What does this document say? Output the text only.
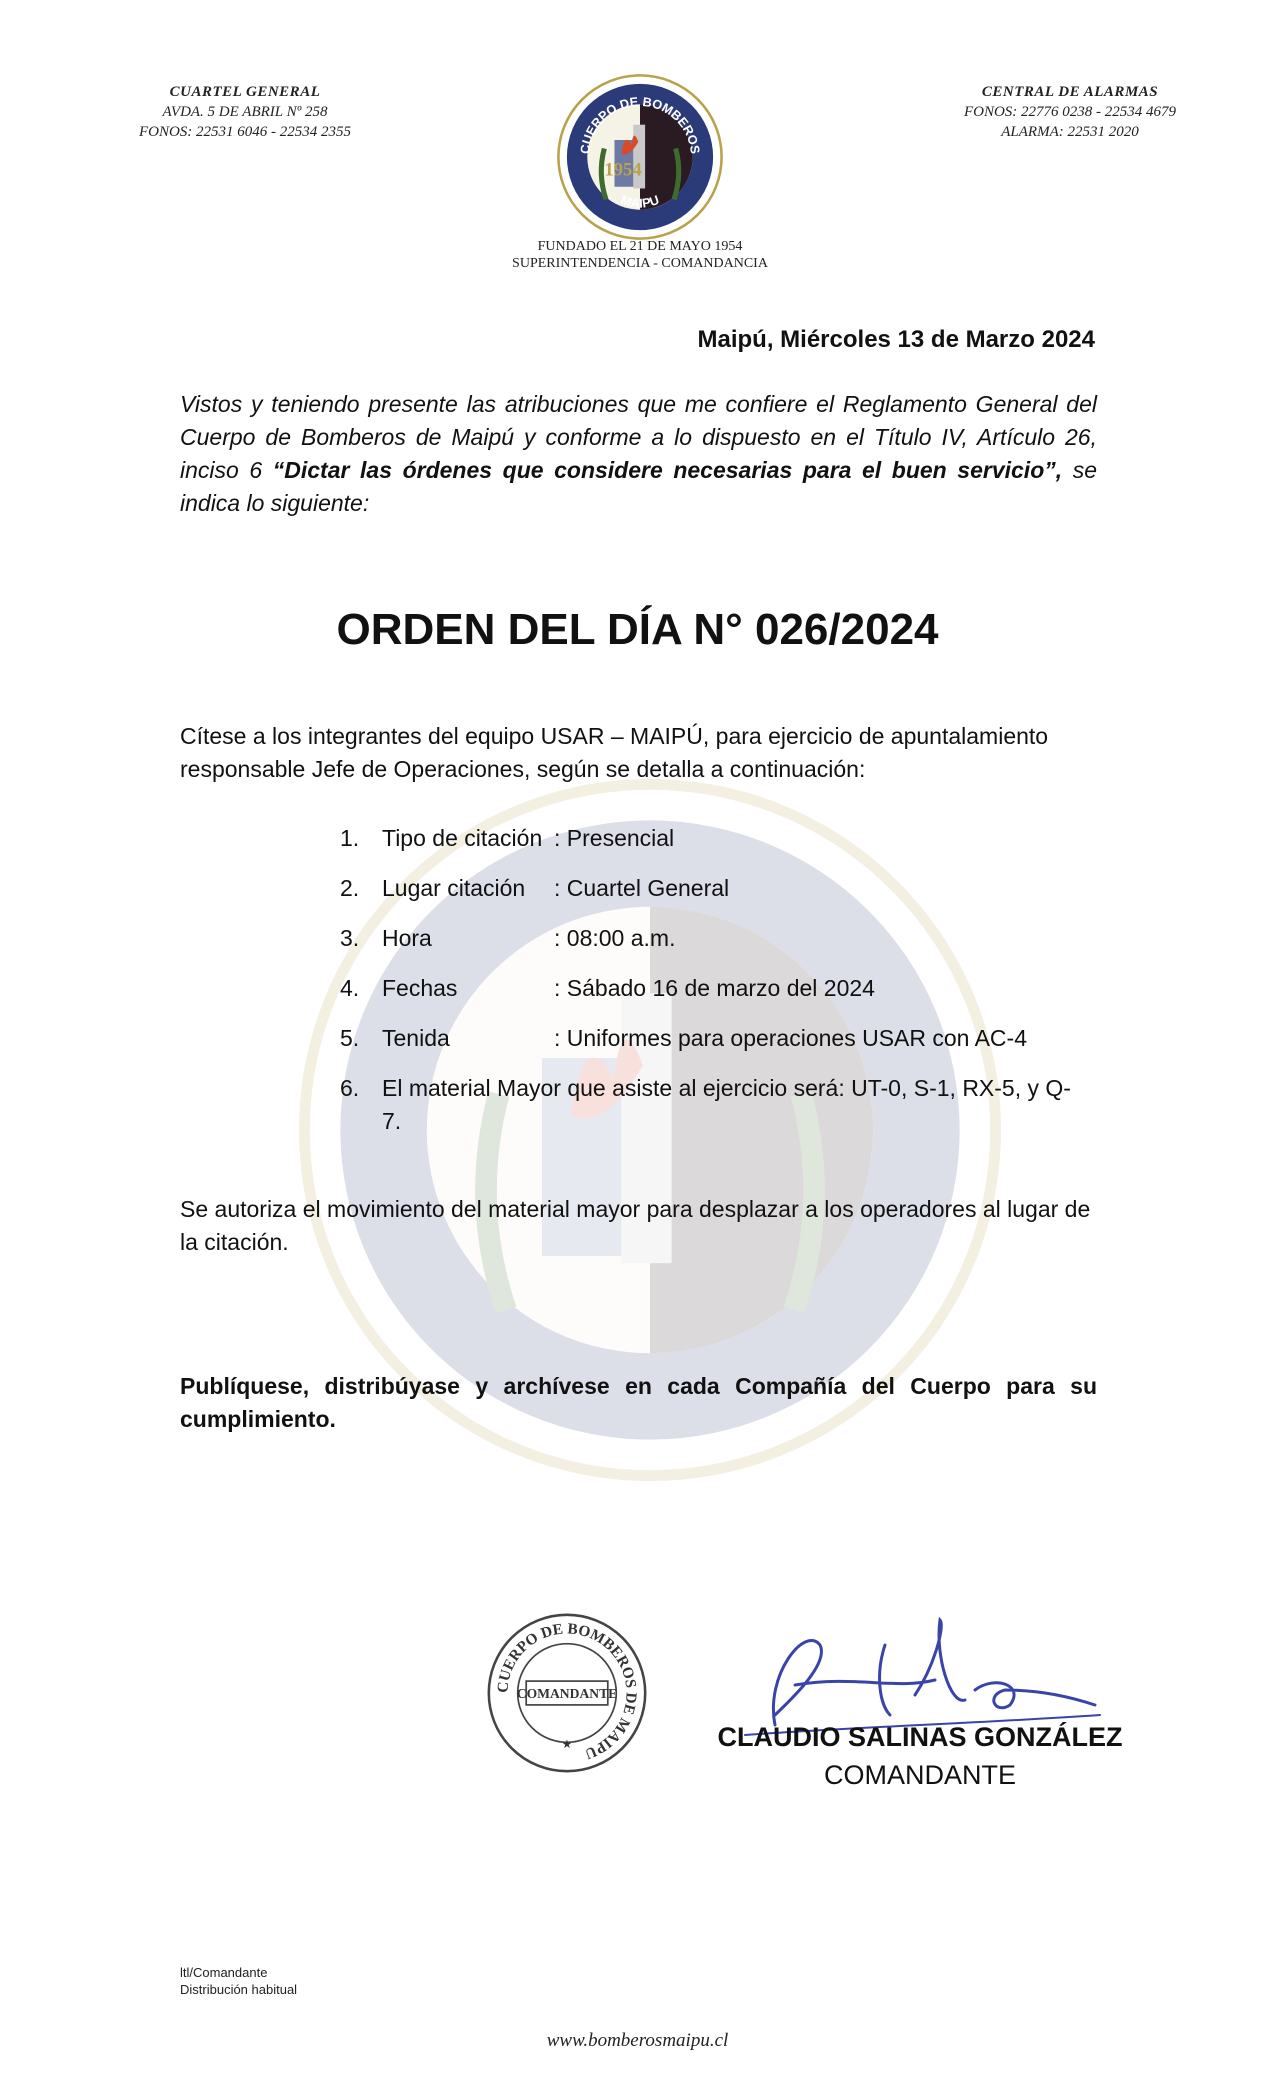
CUARTEL GENERAL
AVDA. 5 DE ABRIL Nº 258
FONOS: 22531 6046 - 22534 2355
CUERPO DE BOMBEROS
MAIPU
1954
CENTRAL DE ALARMAS
FONOS: 22776 0238 - 22534 4679
ALARMA: 22531 2020
FUNDADO EL 21 DE MAYO 1954
SUPERINTENDENCIA - COMANDANCIA
Maipú, Miércoles 13 de Marzo 2024

Vistos y teniendo presente las atribuciones que me confiere el Reglamento General del Cuerpo de Bomberos de Maipú y conforme a lo dispuesto en el Título IV, Artículo 26, inciso 6 “Dictar las órdenes que considere necesarias para el buen servicio”, se indica lo siguiente:

ORDEN DEL DÍA N° 026/2024

Cítese a los integrantes del equipo USAR – MAIPÚ, para ejercicio de apuntalamiento responsable Jefe de Operaciones, según se detalla a continuación:

1. Tipo de citación : Presencial
2. Lugar citación	: Cuartel General
3. Hora	: 08:00 a.m.
4. Fechas	: Sábado 16 de marzo del 2024
5. Tenida	: Uniformes para operaciones USAR con AC-4
6. El material Mayor que asiste al ejercicio será: UT-0, S-1, RX-5, y Q-7.

Se autoriza el movimiento del material mayor para desplazar a los operadores al lugar de la citación.

Publíquese, distribúyase y archívese en cada Compañía del Cuerpo para su cumplimiento.

CUERPO DE BOMBEROS DE MAIPU
COMANDANTE
★	CLAUDIO SALINAS GONZÁLEZ
COMANDANTE
ltl/Comandante
Distribución habitual
www.bomberosmaipu.cl
